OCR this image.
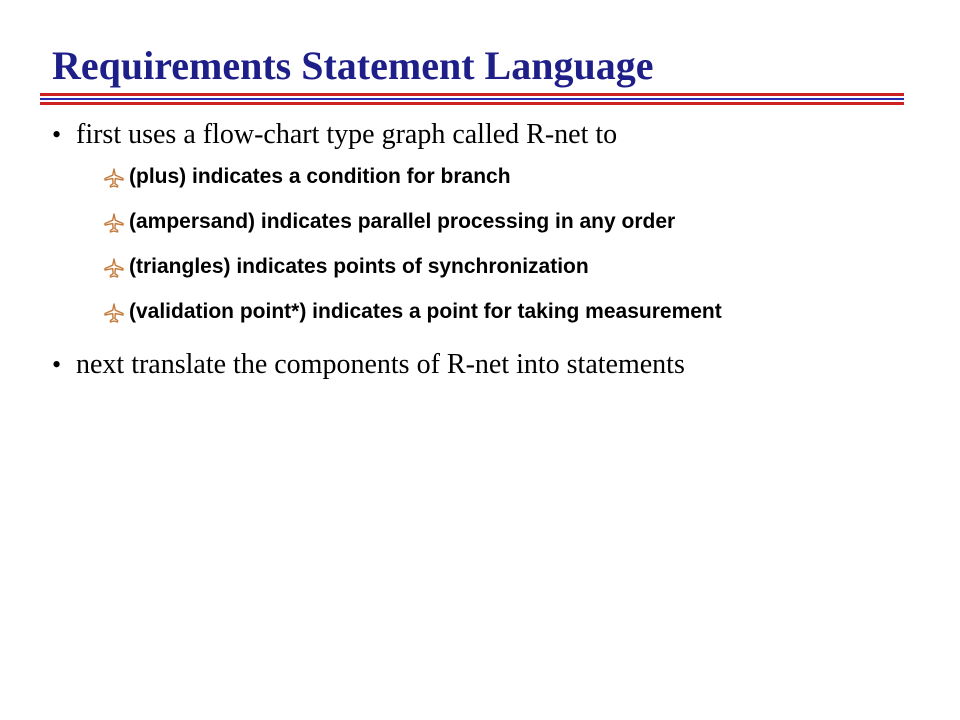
Requirements Statement Language
• first uses a flow-chart type graph called R-net to
(plus) indicates a condition for branch
(ampersand) indicates parallel processing in any order
(triangles) indicates points of synchronization
(validation point*) indicates a point for taking measurement
• next translate the components of R-net into statements
